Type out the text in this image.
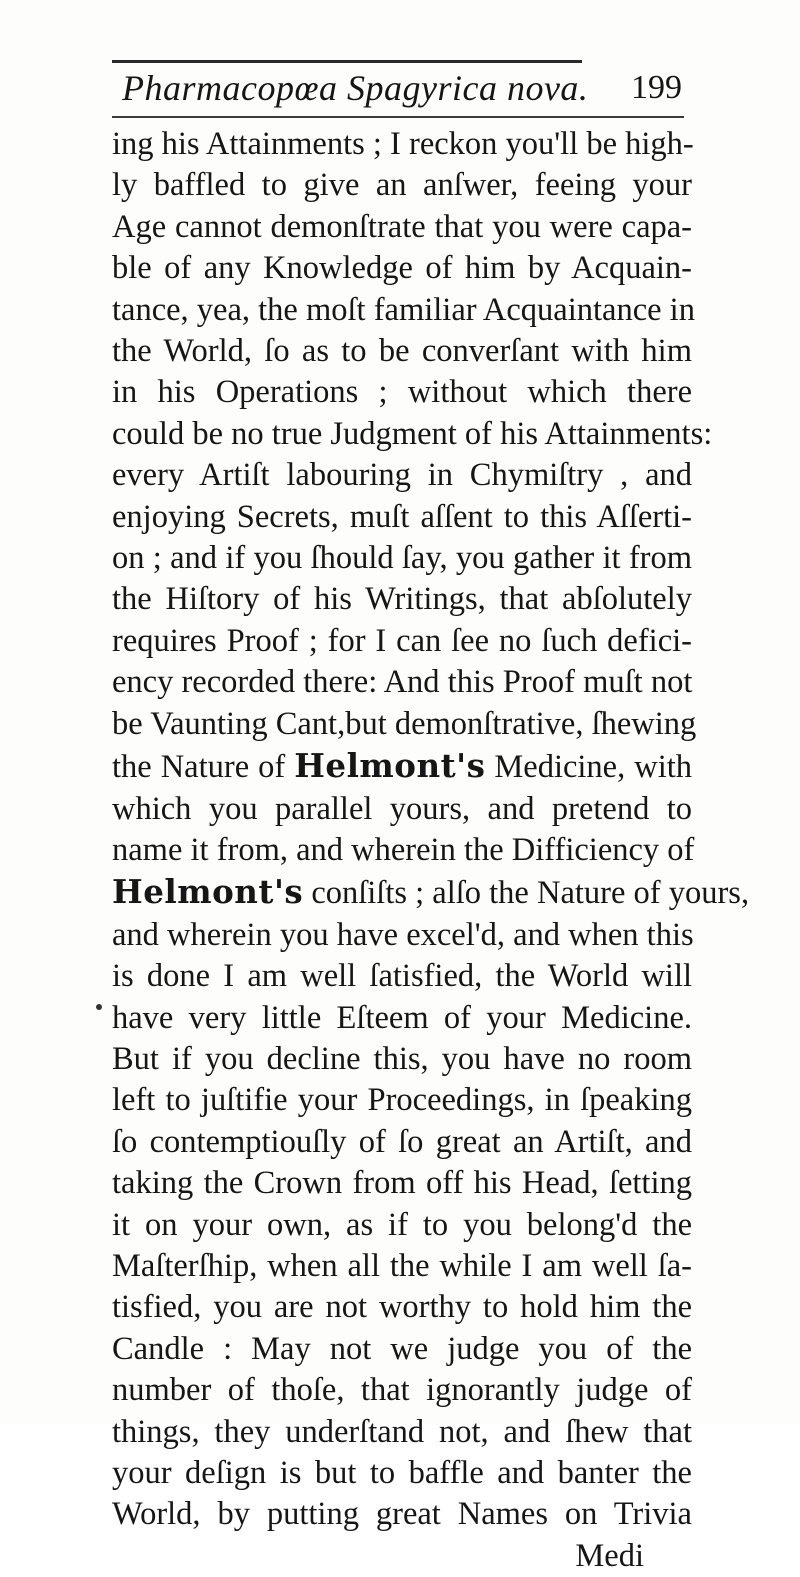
Pharmacopœa Spagyrica nova. 199
ing his Attainments ; I reckon you'll be high-
ly baffled to give an anſwer, feeing your
Age cannot demonſtrate that you were capa-
ble of any Knowledge of him by Acquain-
tance, yea, the moſt familiar Acquaintance in
the World, ſo as to be converſant with him
in his Operations ; without which there
could be no true Judgment of his Attainments:
every Artiſt labouring in Chymiſtry , and
enjoying Secrets, muſt aſſent to this Aſſerti-
on ; and if you ſhould ſay, you gather it from
the Hiſtory of his Writings, that abſolutely
requires Proof ; for I can ſee no ſuch defici-
ency recorded there: And this Proof muſt not
be Vaunting Cant,but demonſtrative, ſhewing
the Nature of Helmont's Medicine, with
which you parallel yours, and pretend to
name it from, and wherein the Difficiency of
Helmont's conſiſts ; alſo the Nature of yours,
and wherein you have excel'd, and when this
is done I am well ſatisfied, the World will
have very little Eſteem of your Medicine.
But if you decline this, you have no room
left to juſtifie your Proceedings, in ſpeaking
ſo contemptiouſly of ſo great an Artiſt, and
taking the Crown from off his Head, ſetting
it on your own, as if to you belong'd the
Maſterſhip, when all the while I am well ſa-
tisfied, you are not worthy to hold him the
Candle : May not we judge you of the
number of thoſe, that ignorantly judge of
things, they underſtand not, and ſhew that
your deſign is but to baffle and banter the
World, by putting great Names on Trivia
Medi
